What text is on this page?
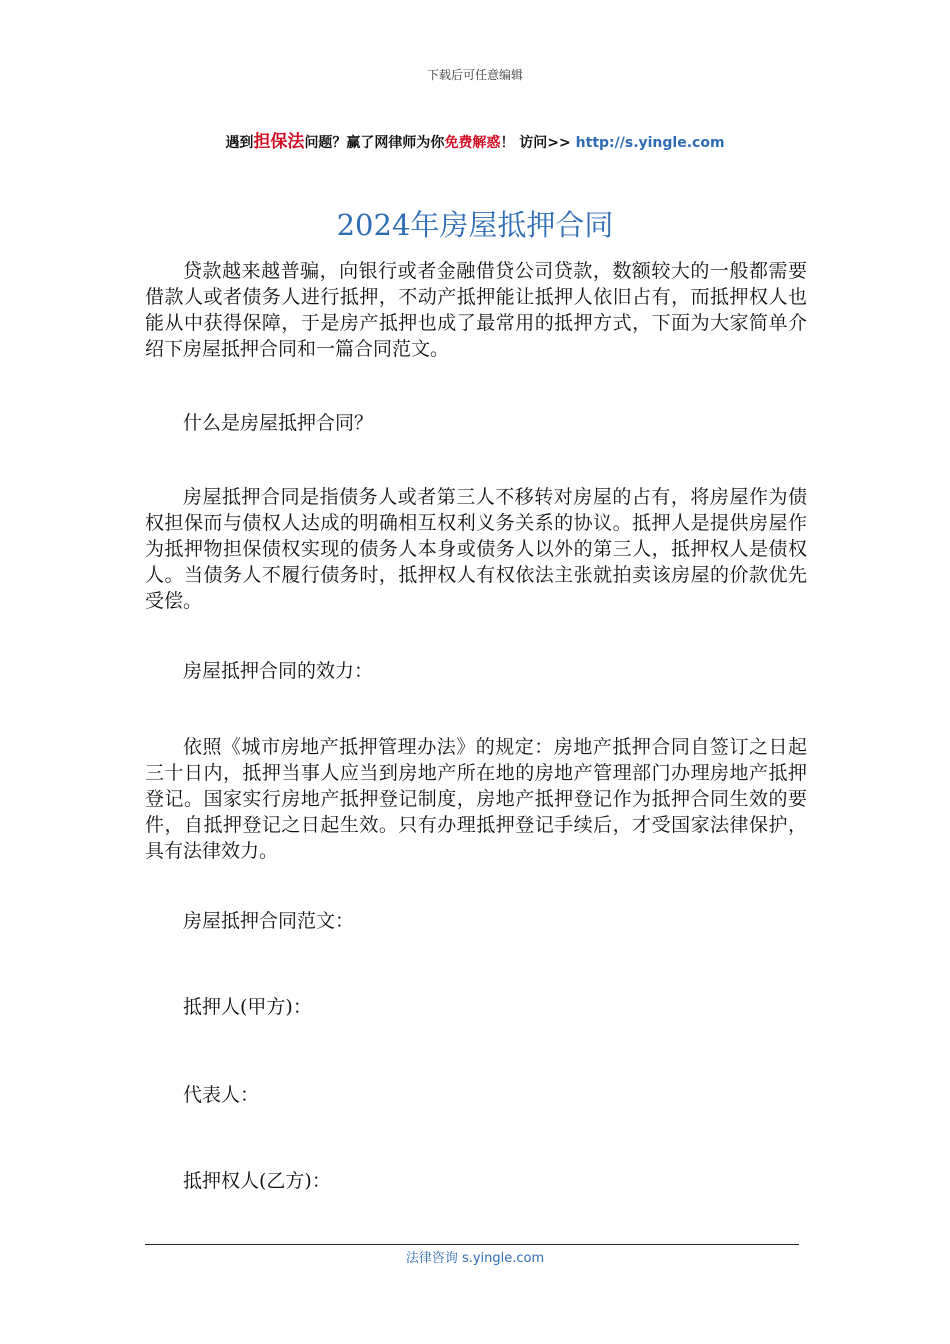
下载后可任意编辑
遇到担保法问题？赢了网律师为你免费解惑！ 访问>> http://s.yingle.com
2024年房屋抵押合同

贷款越来越普骗，向银行或者金融借贷公司贷款，数额较大的一般都需要借款人或者债务人进行抵押，不动产抵押能让抵押人依旧占有，而抵押权人也能从中获得保障，于是房产抵押也成了最常用的抵押方式，下面为大家简单介绍下房屋抵押合同和一篇合同范文。

什么是房屋抵押合同？

房屋抵押合同是指债务人或者第三人不移转对房屋的占有，将房屋作为债权担保而与债权人达成的明确相互权利义务关系的协议。抵押人是提供房屋作为抵押物担保债权实现的债务人本身或债务人以外的第三人，抵押权人是债权人。当债务人不履行债务时，抵押权人有权依法主张就拍卖该房屋的价款优先受偿。

房屋抵押合同的效力：

依照《城市房地产抵押管理办法》的规定：房地产抵押合同自签订之日起三十日内，抵押当事人应当到房地产所在地的房地产管理部门办理房地产抵押登记。国家实行房地产抵押登记制度，房地产抵押登记作为抵押合同生效的要件，自抵押登记之日起生效。只有办理抵押登记手续后，才受国家法律保护，具有法律效力。

房屋抵押合同范文：

抵押人(甲方)：

代表人：

抵押权人(乙方)：

法律咨询 s.yingle.com
